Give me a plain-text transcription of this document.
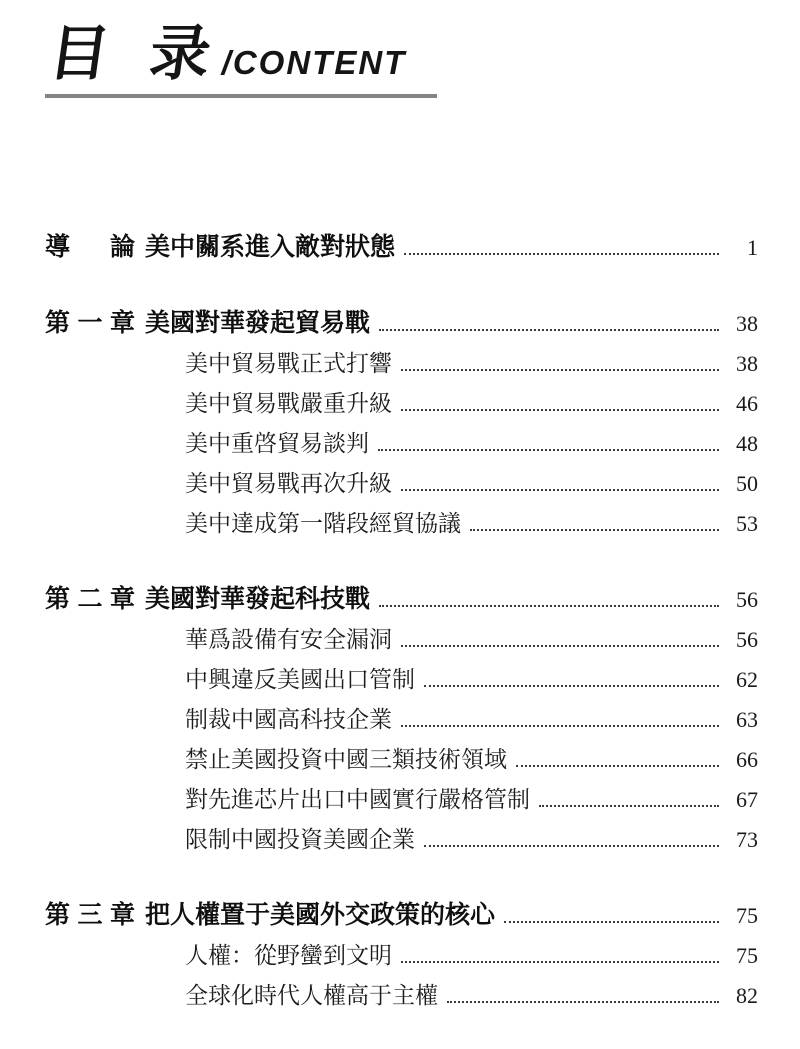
目 录
/CONTENT
導 論 美中關系進入敵對狀態	1
第 一 章 美國對華發起貿易戰	38
美中貿易戰正式打響	38
美中貿易戰嚴重升級	46
美中重啓貿易談判	48
美中貿易戰再次升級	50
美中達成第一階段經貿協議	53
第 二 章 美國對華發起科技戰	56
華爲設備有安全漏洞	56
中興違反美國出口管制	62
制裁中國高科技企業	63
禁止美國投資中國三類技術領域	66
對先進芯片出口中國實行嚴格管制	67
限制中國投資美國企業	73
第 三 章 把人權置于美國外交政策的核心	75
人權：從野蠻到文明	75
全球化時代人權高于主權	82
